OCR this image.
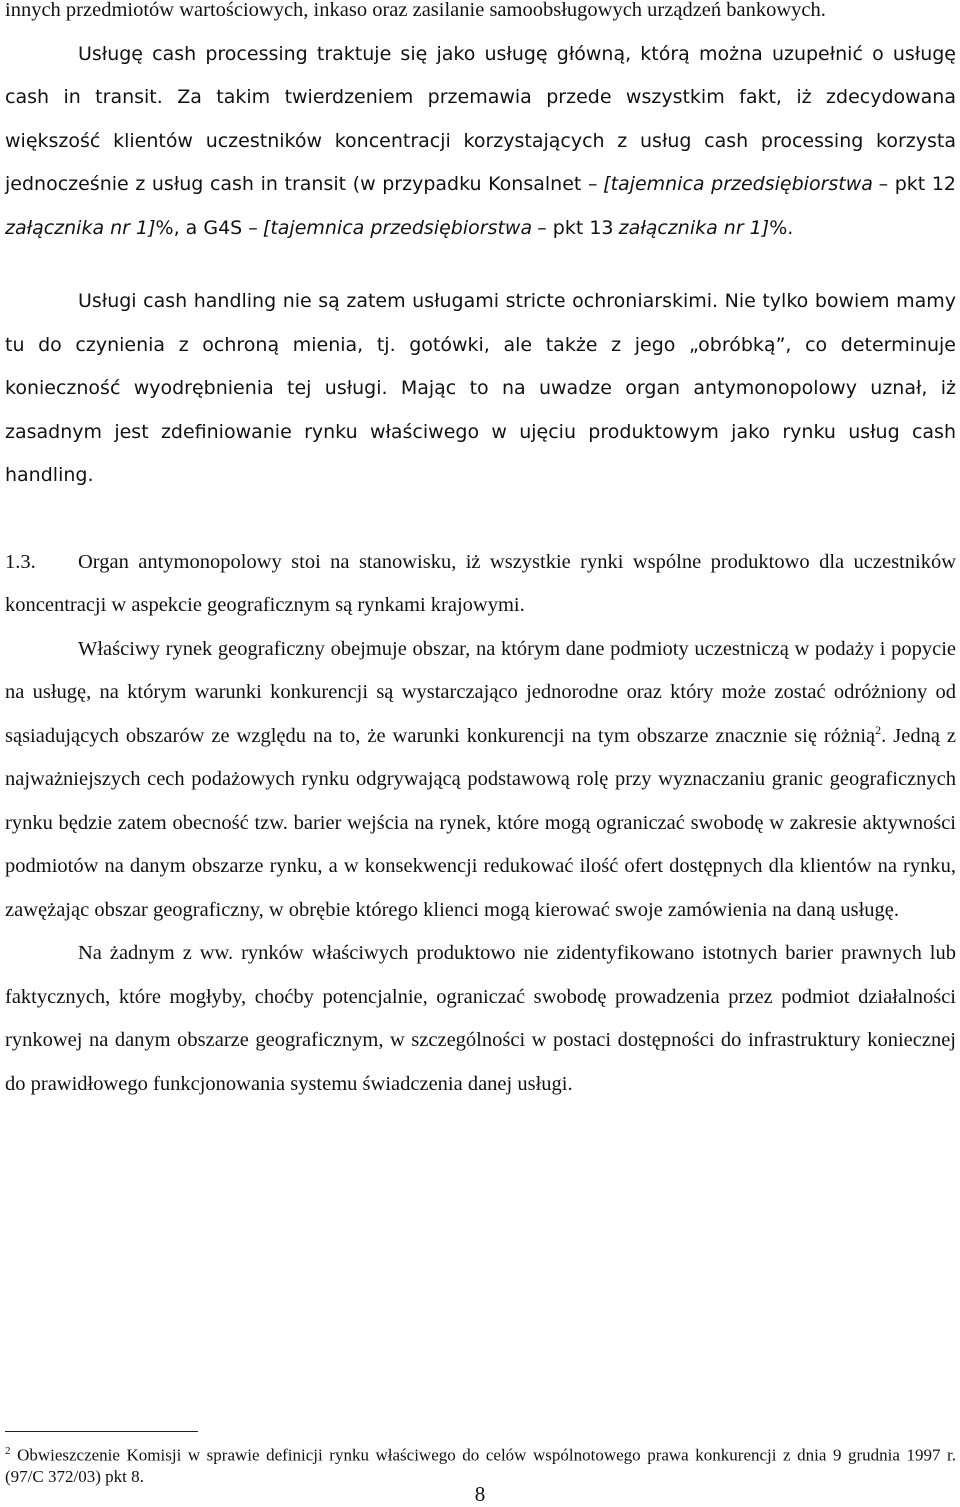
innych przedmiotów wartościowych, inkaso oraz zasilanie samoobsługowych urządzeń bankowych.

Usługę cash processing traktuje się jako usługę główną, którą można uzupełnić o usługę cash in transit. Za takim twierdzeniem przemawia przede wszystkim fakt, iż zdecydowana większość klientów uczestników koncentracji korzystających z usług cash processing korzysta jednocześnie z usług cash in transit (w przypadku Konsalnet – [tajemnica przedsiębiorstwa – pkt 12 załącznika nr 1]%, a G4S – [tajemnica przedsiębiorstwa – pkt 13 załącznika nr 1]%.

Usługi cash handling nie są zatem usługami stricte ochroniarskimi. Nie tylko bowiem mamy tu do czynienia z ochroną mienia, tj. gotówki, ale także z jego „obróbką”, co determinuje konieczność wyodrębnienia tej usługi. Mając to na uwadze organ antymonopolowy uznał, iż zasadnym jest zdefiniowanie rynku właściwego w ujęciu produktowym jako rynku usług cash handling.

1.3. Organ antymonopolowy stoi na stanowisku, iż wszystkie rynki wspólne produktowo dla uczestników koncentracji w aspekcie geograficznym są rynkami krajowymi.

Właściwy rynek geograficzny obejmuje obszar, na którym dane podmioty uczestniczą w podaży i popycie na usługę, na którym warunki konkurencji są wystarczająco jednorodne oraz który może zostać odróżniony od sąsiadujących obszarów ze względu na to, że warunki konkurencji na tym obszarze znacznie się różnią$^2$. Jedną z najważniejszych cech podażowych rynku odgrywającą podstawową rolę przy wyznaczaniu granic geograficznych rynku będzie zatem obecność tzw. barier wejścia na rynek, które mogą ograniczać swobodę w zakresie aktywności podmiotów na danym obszarze rynku, a w konsekwencji redukować ilość ofert dostępnych dla klientów na rynku, zawężając obszar geograficzny, w obrębie którego klienci mogą kierować swoje zamówienia na daną usługę.

Na żadnym z ww. rynków właściwych produktowo nie zidentyfikowano istotnych barier prawnych lub faktycznych, które mogłyby, choćby potencjalnie, ograniczać swobodę prowadzenia przez podmiot działalności rynkowej na danym obszarze geograficznym, w szczególności w postaci dostępności do infrastruktury koniecznej do prawidłowego funkcjonowania systemu świadczenia danej usługi.

$^2$ Obwieszczenie Komisji w sprawie definicji rynku właściwego do celów wspólnotowego prawa konkurencji z dnia 9 grudnia 1997 r. (97/C 372/03) pkt 8.

8
